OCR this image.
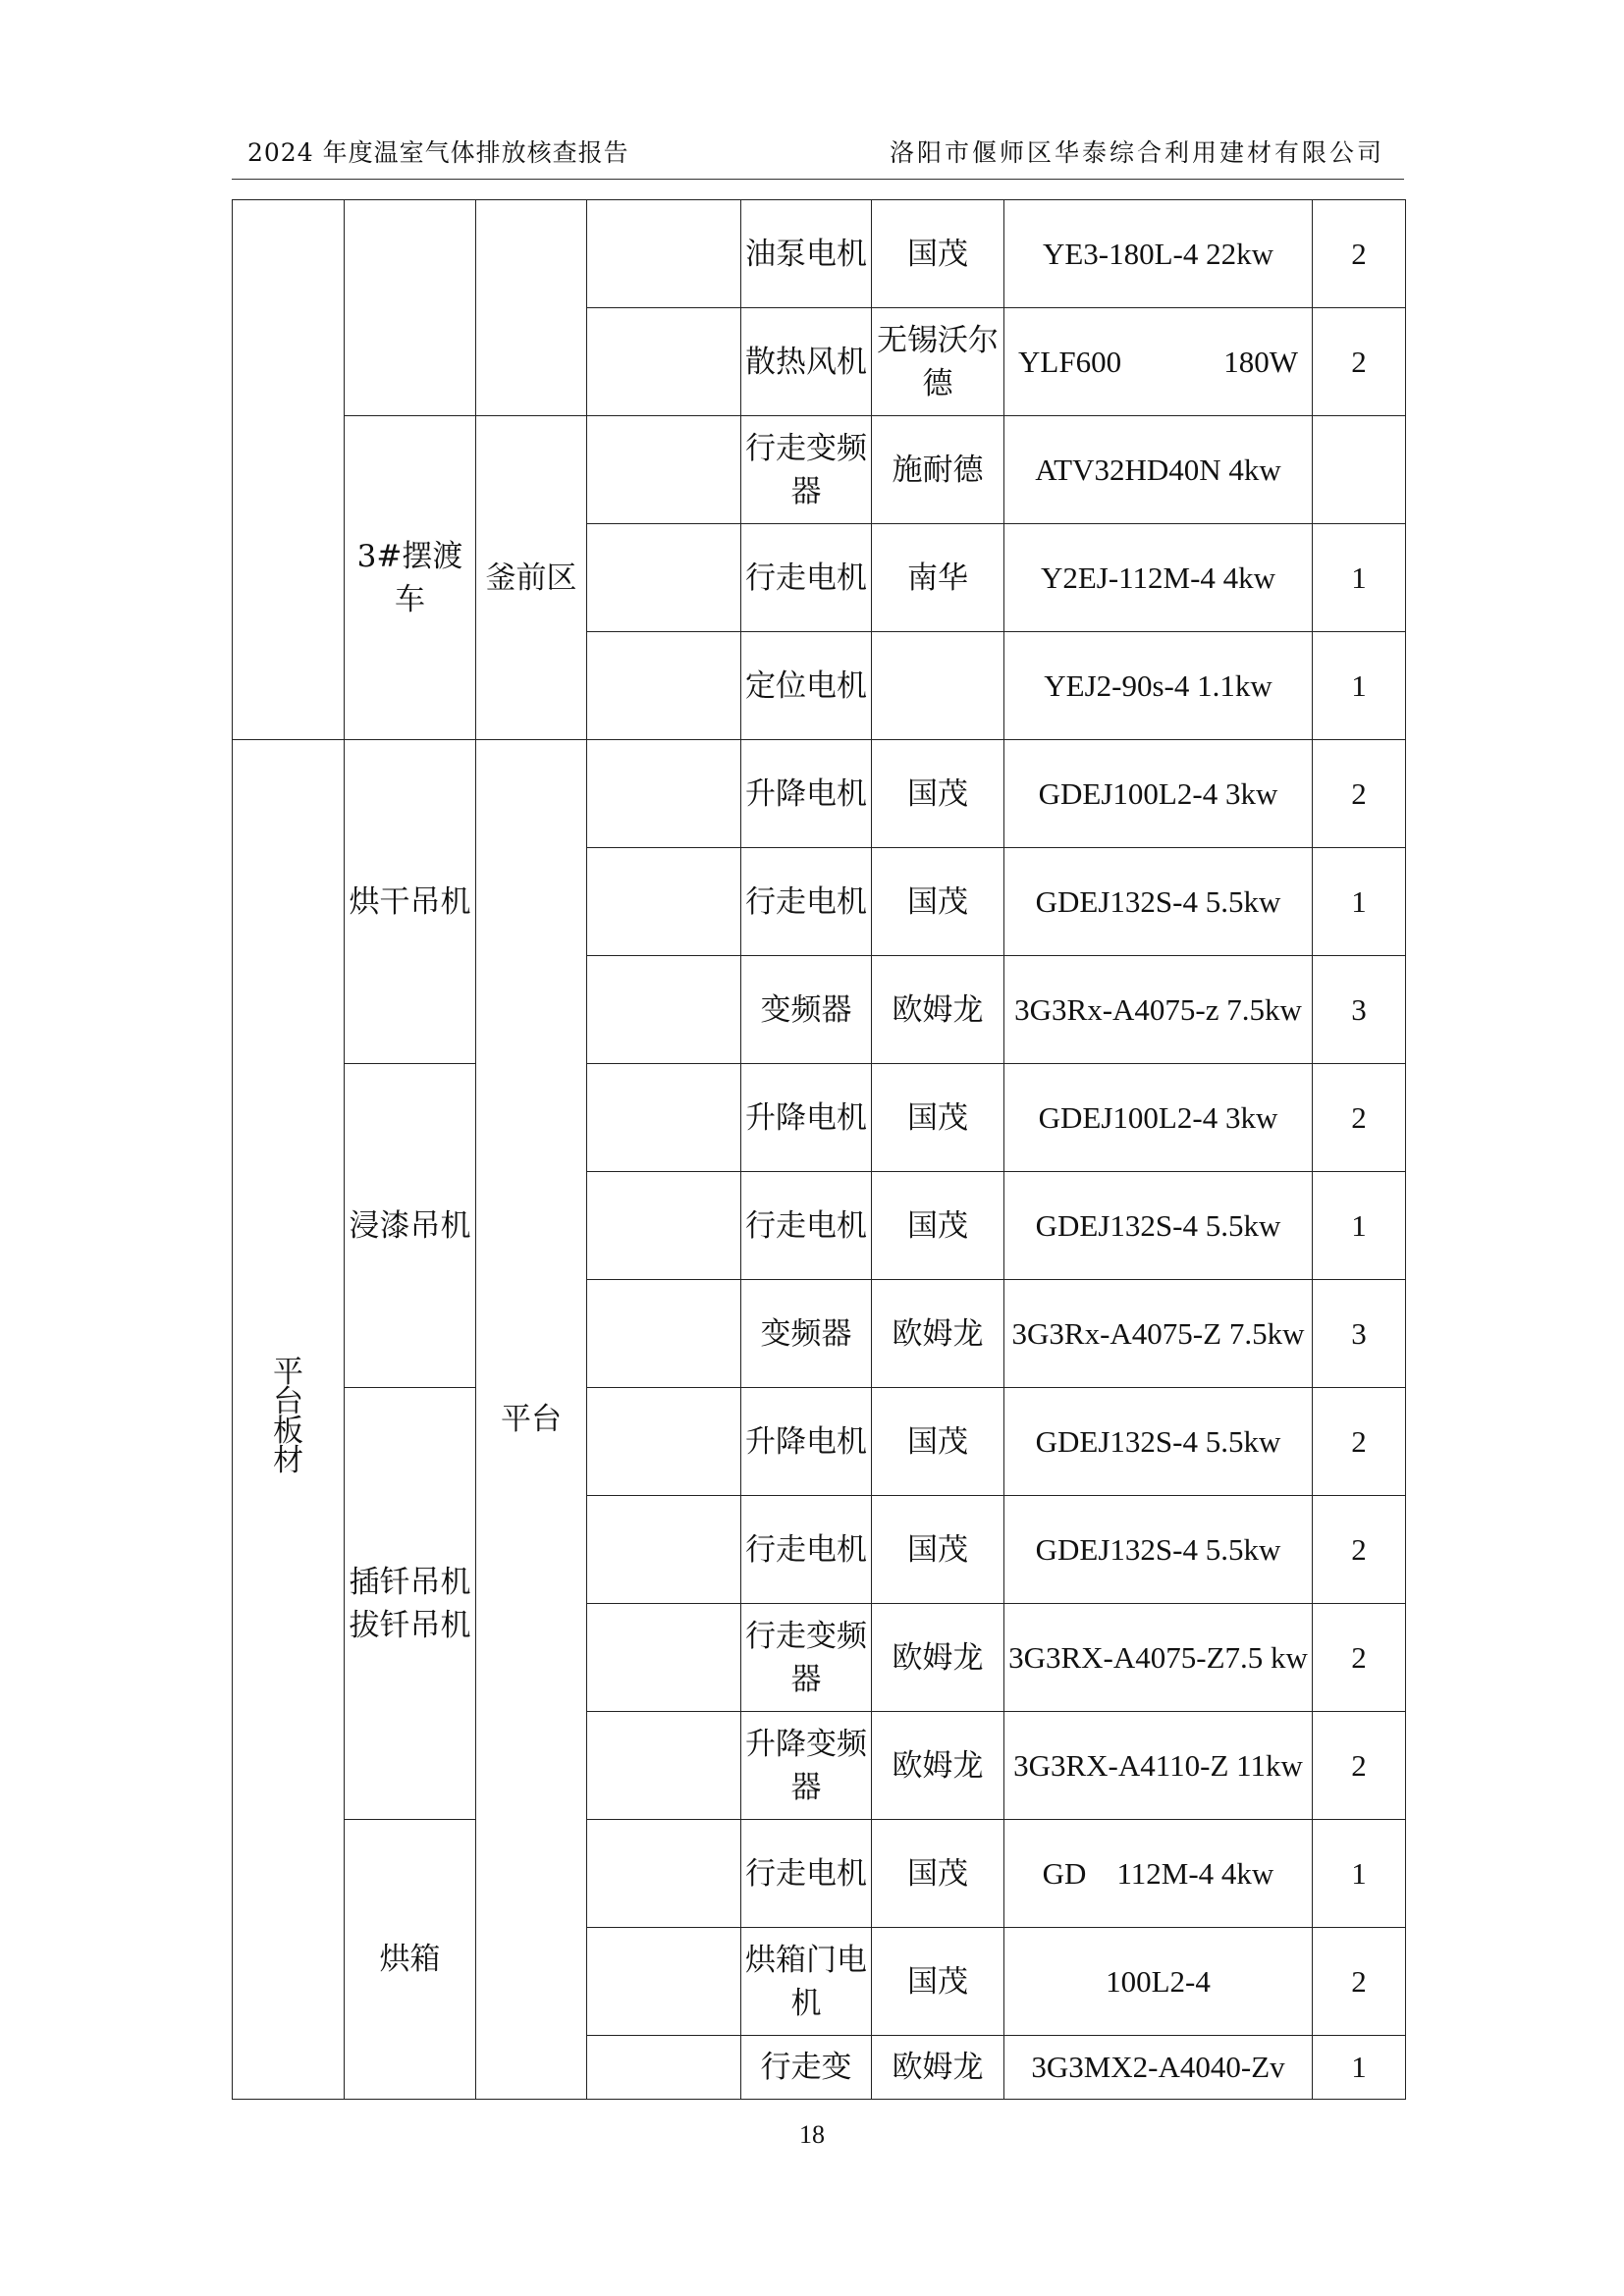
2024 年度温室气体排放核查报告	洛阳市偃师区华泰综合利用建材有限公司
				油泵电机	国茂	YE3-180L-4 22kw	2
				散热风机	无锡沃尔德	YLF600 180W	2
	3#摆渡车	釜前区		行走变频器	施耐德	ATV32HD40N 4kw	
				行走电机	南华	Y2EJ-112M-4 4kw	1
				定位电机		YEJ2-90s-4 1.1kw	1
平台板材	烘干吊机	平台		升降电机	国茂	GDEJ100L2-4 3kw	2
				行走电机	国茂	GDEJ132S-4 5.5kw	1
				变频器	欧姆龙	3G3Rx-A4075-z 7.5kw	3
	浸漆吊机			升降电机	国茂	GDEJ100L2-4 3kw	2
				行走电机	国茂	GDEJ132S-4 5.5kw	1
				变频器	欧姆龙	3G3Rx-A4075-Z 7.5kw	3
	插钎吊机 拔钎吊机			升降电机	国茂	GDEJ132S-4 5.5kw	2
				行走电机	国茂	GDEJ132S-4 5.5kw	2
				行走变频器	欧姆龙	3G3RX-A4075-Z7.5 kw	2
				升降变频器	欧姆龙	3G3RX-A4110-Z 11kw	2
	烘箱			行走电机	国茂	GD　112M-4 4kw	1
				烘箱门电机	国茂	100L2-4	2
				行走变	欧姆龙	3G3MX2-A4040-Zv	1
18
